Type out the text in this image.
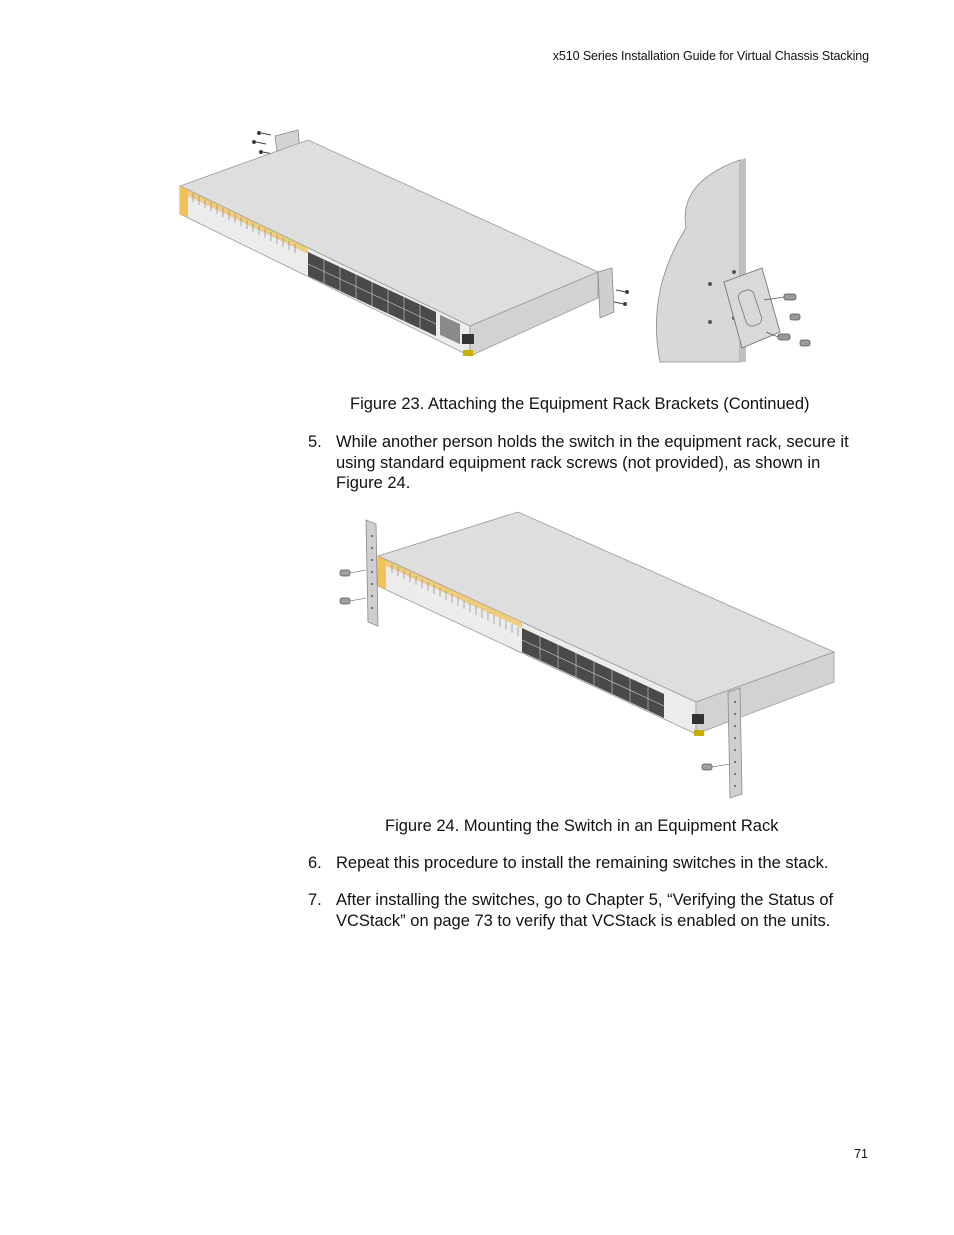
x510 Series Installation Guide for Virtual Chassis Stacking
Figure 23. Attaching the Equipment Rack Brackets (Continued)
5. While another person holds the switch in the equipment rack, secure it using standard equipment rack screws (not provided), as shown in Figure 24.
Figure 24. Mounting the Switch in an Equipment Rack
6. Repeat this procedure to install the remaining switches in the stack.
7. After installing the switches, go to Chapter 5, “Verifying the Status of VCStack” on page 73 to verify that VCStack is enabled on the units.
71
